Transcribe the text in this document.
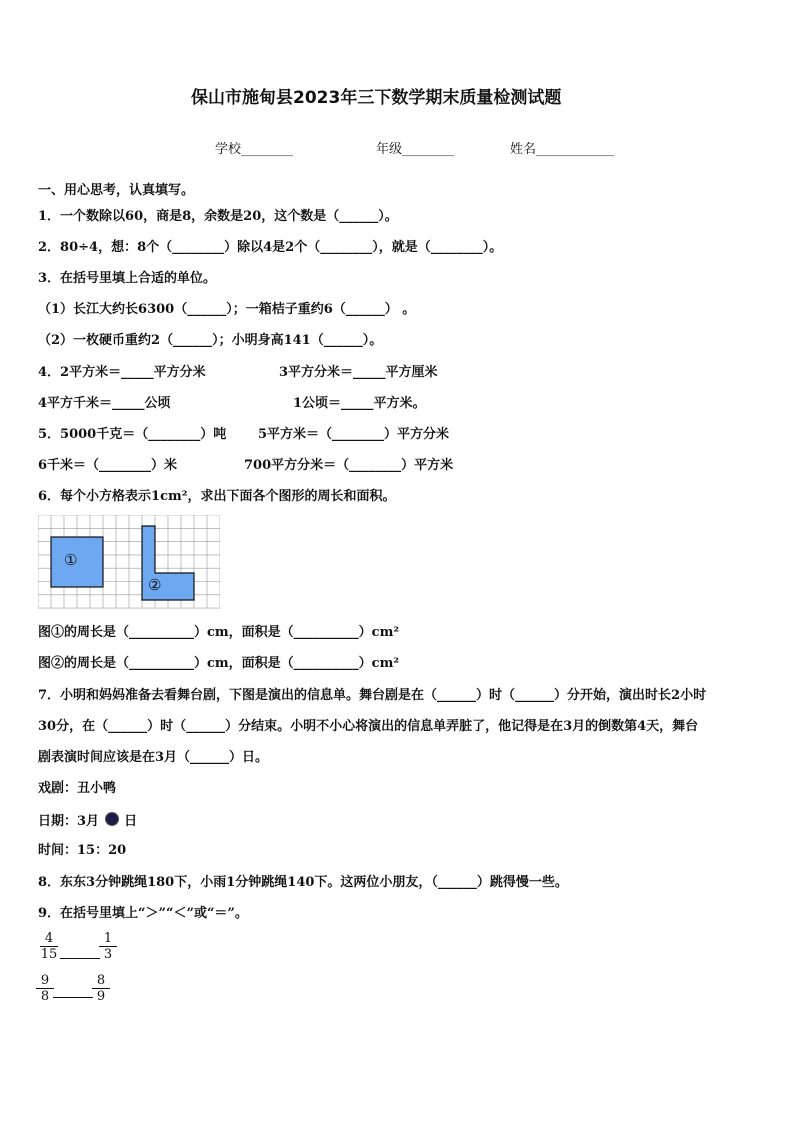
保山市施甸县2023年三下数学期末质量检测试题
学校________	年级________	姓名____________
一、用心思考，认真填写。
1．一个数除以60，商是8，余数是20，这个数是（______）。
2．80÷4，想：8个（________）除以4是2个（________），就是（________）。
3．在括号里填上合适的单位。
（1）长江大约长6300（______）；一箱桔子重约6（______） 。
（2）一枚硬币重约2（______）；小明身高141（______）。
4．2平方米＝_____平方分米	3平方分米＝_____平方厘米
4平方千米＝_____公顷	1公顷＝_____平方米。
5．5000千克＝（________）吨 5平方米＝（________）平方分米
6千米＝（________）米	700平方分米＝（________）平方米
6．每个小方格表示1cm²，求出下面各个图形的周长和面积。
①
②
图①的周长是（__________）cm，面积是（__________）cm²
图②的周长是（__________）cm，面积是（__________）cm²
7．小明和妈妈准备去看舞台剧，下图是演出的信息单。舞台剧是在（______）时（______）分开始，演出时长2小时
30分，在（______）时（______）分结束。小明不小心将演出的信息单弄脏了，他记得是在3月的倒数第4天，舞台
剧表演时间应该是在3月（______）日。
戏剧：丑小鸭
日期：3月 日
时间：15：20
8．东东3分钟跳绳180下，小雨1分钟跳绳140下。这两位小朋友，（______）跳得慢一些。
9．在括号里填上“＞”“＜”或“＝”。
$\frac{4}{15}$	$\frac{1}{3}$
$\frac{9}{8}$	$\frac{8}{9}$
